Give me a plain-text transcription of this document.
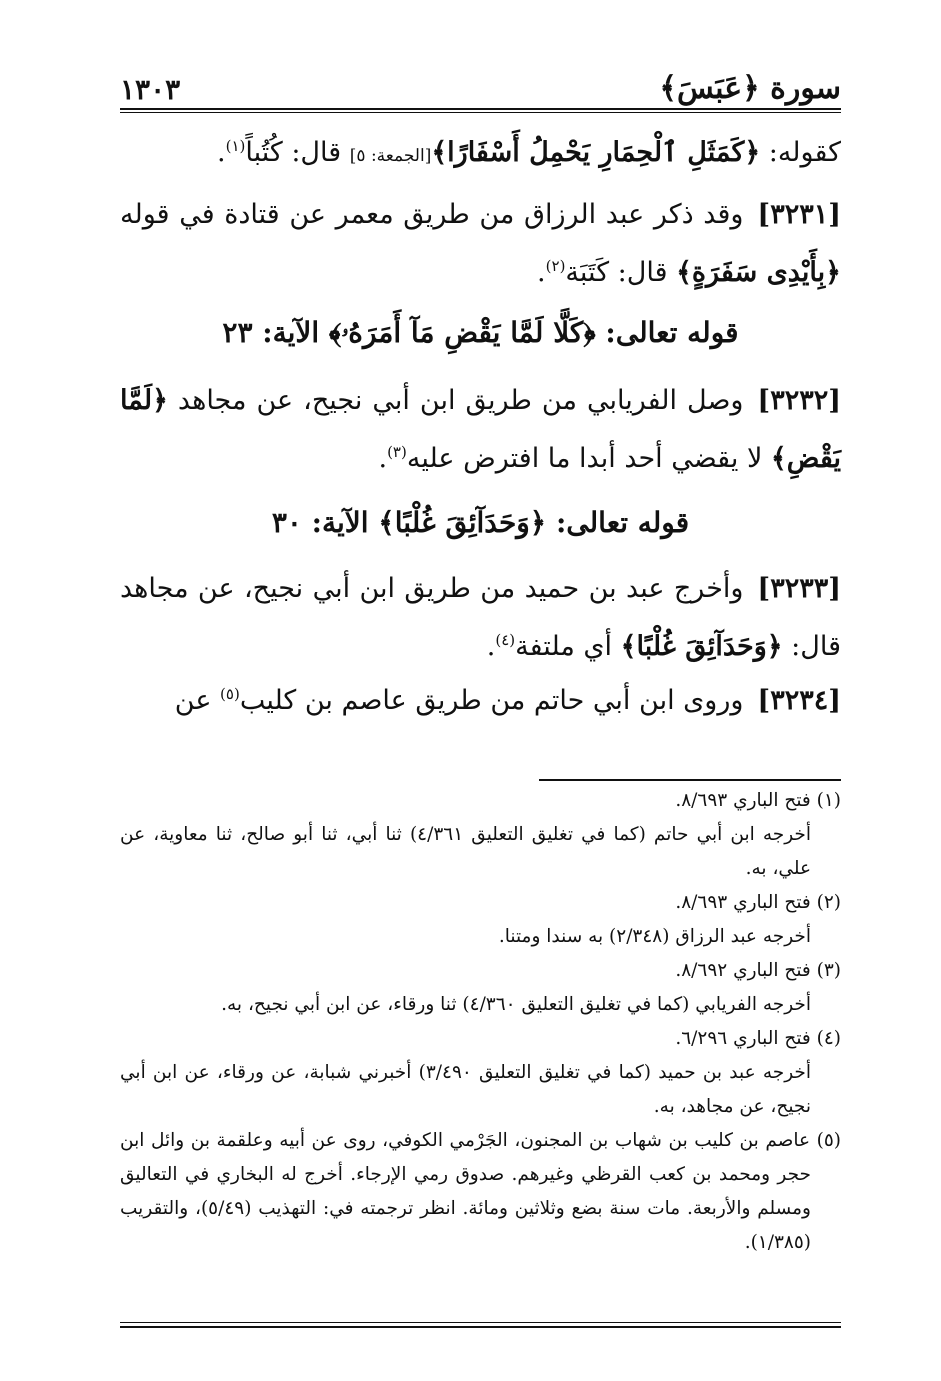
سورة ﴿عَبَسَ﴾
١٣٠٣

كقوله: ﴿كَمَثَلِ ٱلْحِمَارِ يَحْمِلُ أَسْفَارًا﴾[الجمعة: ٥] قال: كُتُباً$^{(١)}$.

[٣٢٣١]وقد ذكر عبد الرزاق من طريق معمر عن قتادة في قوله ﴿بِأَيْدِى سَفَرَةٍ﴾ قال: كَتَبَة$^{(٢)}$.

قوله تعالى: ﴿كَلَّا لَمَّا يَقْضِ مَآ أَمَرَهُۥ﴾ الآية: ٢٣

[٣٢٣٢]وصل الفريابي من طريق ابن أبي نجيح، عن مجاهد ﴿لَمَّا يَقْضِ﴾ لا يقضي أحد أبدا ما افترض عليه$^{(٣)}$.

قوله تعالى: ﴿وَحَدَآئِقَ غُلْبًا﴾ الآية: ٣٠

[٣٢٣٣]وأخرج عبد بن حميد من طريق ابن أبي نجيح، عن مجاهد قال: ﴿وَحَدَآئِقَ غُلْبًا﴾ أي ملتفة$^{(٤)}$.

[٣٢٣٤]وروى ابن أبي حاتم من طريق عاصم بن كليب$^{(٥)}$ عن

(١) فتح الباري ٨/٦٩٣.

أخرجه ابن أبي حاتم (كما في تغليق التعليق ٤/٣٦١) ثنا أبي، ثنا أبو صالح، ثنا معاوية، عن علي، به.

(٢) فتح الباري ٨/٦٩٣.

أخرجه عبد الرزاق (٢/٣٤٨) به سندا ومتنا.

(٣) فتح الباري ٨/٦٩٢.

أخرجه الفريابي (كما في تغليق التعليق ٤/٣٦٠) ثنا ورقاء، عن ابن أبي نجيح، به.

(٤) فتح الباري ٦/٢٩٦.

أخرجه عبد بن حميد (كما في تغليق التعليق ٣/٤٩٠) أخبرني شبابة، عن ورقاء، عن ابن أبي نجيح، عن مجاهد، به.

(٥) عاصم بن كليب بن شهاب بن المجنون، الجَرْمي الكوفي، روى عن أبيه وعلقمة بن وائل ابن حجر ومحمد بن كعب القرظي وغيرهم. صدوق رمي الإرجاء. أخرج له البخاري في التعاليق ومسلم والأربعة. مات سنة بضع وثلاثين ومائة. انظر ترجمته في: التهذيب (٥/٤٩)، والتقريب (١/٣٨٥).
